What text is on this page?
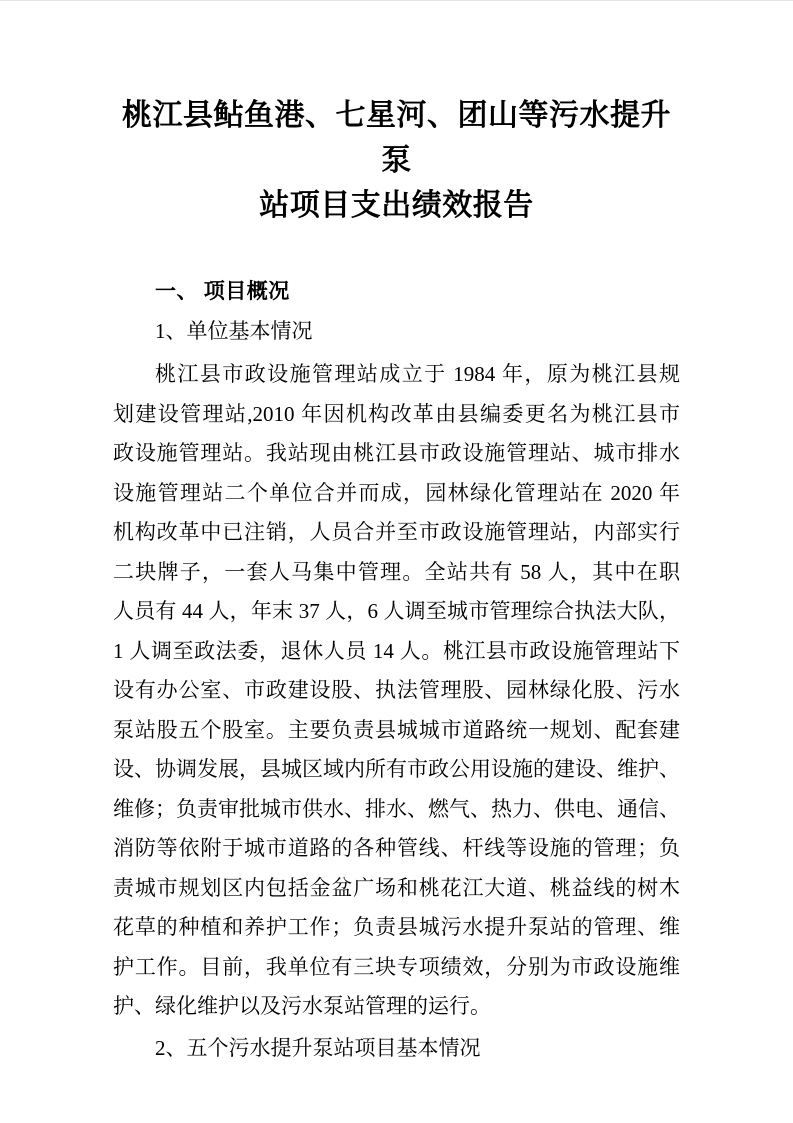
桃江县鲇鱼港、七星河、团山等污水提升泵
站项目支出绩效报告
一、 项目概况
1、单位基本情况
桃江县市政设施管理站成立于 1984 年，原为桃江县规
划建设管理站,2010 年因机构改革由县编委更名为桃江县市
政设施管理站。我站现由桃江县市政设施管理站、城市排水
设施管理站二个单位合并而成，园林绿化管理站在 2020 年
机构改革中已注销，人员合并至市政设施管理站，内部实行
二块牌子，一套人马集中管理。全站共有 58 人，其中在职
人员有 44 人，年末 37 人，6 人调至城市管理综合执法大队，
1 人调至政法委，退休人员 14 人。桃江县市政设施管理站下
设有办公室、市政建设股、执法管理股、园林绿化股、污水
泵站股五个股室。主要负责县城城市道路统一规划、配套建
设、协调发展，县城区域内所有市政公用设施的建设、维护、
维修；负责审批城市供水、排水、燃气、热力、供电、通信、
消防等依附于城市道路的各种管线、杆线等设施的管理；负
责城市规划区内包括金盆广场和桃花江大道、桃益线的树木
花草的种植和养护工作；负责县城污水提升泵站的管理、维
护工作。目前，我单位有三块专项绩效，分别为市政设施维
护、绿化维护以及污水泵站管理的运行。
2、五个污水提升泵站项目基本情况
